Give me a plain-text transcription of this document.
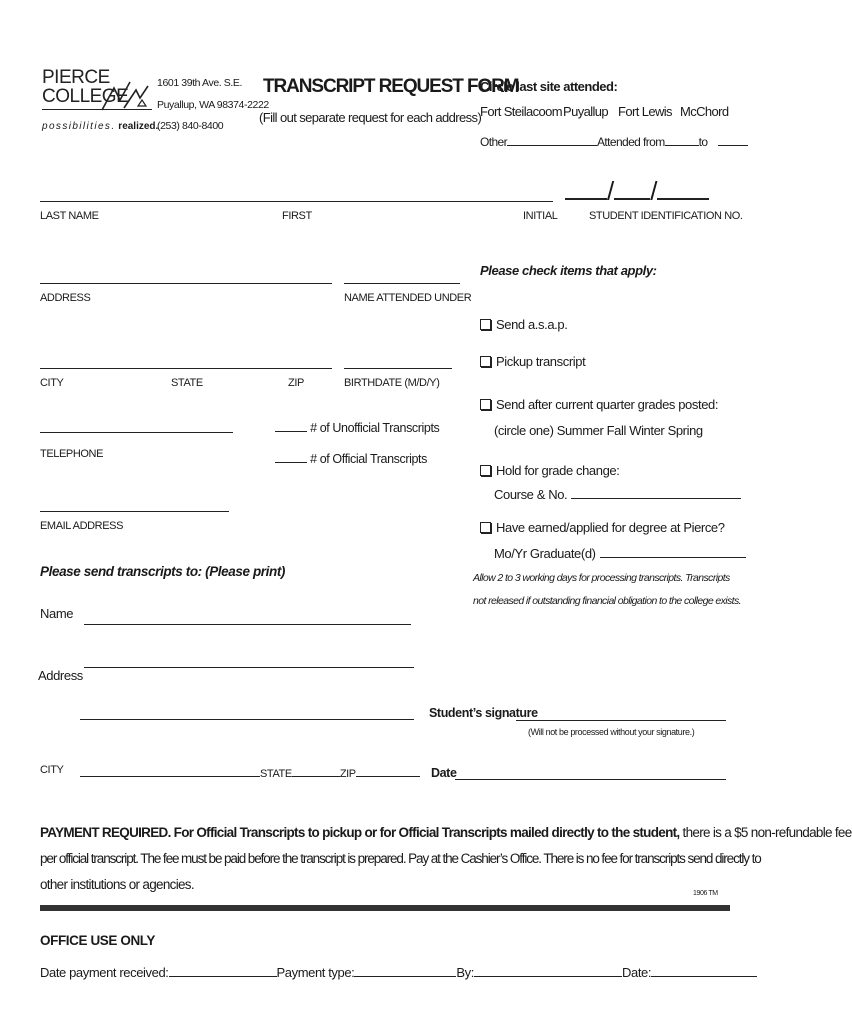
PIERCE
COLLEGE
possibilities. realized.
1601 39th Ave. S.E.
Puyallup, WA 98374-2222
(253) 840-8400
TRANSCRIPT REQUEST FORM
(Fill out separate request for each address)
Circle last site attended:
Fort Steilacoom Puyallup Fort Lewis McChord
Other	Attended from	to
/ /
LAST NAME	FIRST	INITIAL	STUDENT IDENTIFICATION NO.
ADDRESS	NAME ATTENDED UNDER
CITY	STATE	ZIP	BIRTHDATE (M/D/Y)
TELEPHONE
# of Unofficial Transcripts
# of Official Transcripts
EMAIL ADDRESS
Please check items that apply:
Send a.s.a.p.
Pickup transcript
Send after current quarter grades posted:
(circle one) Summer Fall Winter Spring
Hold for grade change:
Course & No.
Have earned/applied for degree at Pierce?
Mo/Yr Graduate(d)
Allow 2 to 3 working days for processing transcripts. Transcripts
not released if outstanding financial obligation to the college exists.
Please send transcripts to: (Please print)
Name
Address
CITY	STATE	ZIP
Student’s signature
(Will not be processed without your signature.)
Date
PAYMENT REQUIRED. For Official Transcripts to pickup or for Official Transcripts mailed directly to the student, there is a $5 non-refundable fee
per official transcript. The fee must be paid before the transcript is prepared. Pay at the Cashier’s Office. There is no fee for transcripts send directly to
other institutions or agencies.
1906 TM
OFFICE USE ONLY
Date payment received:	Payment type:	By:	Date:
